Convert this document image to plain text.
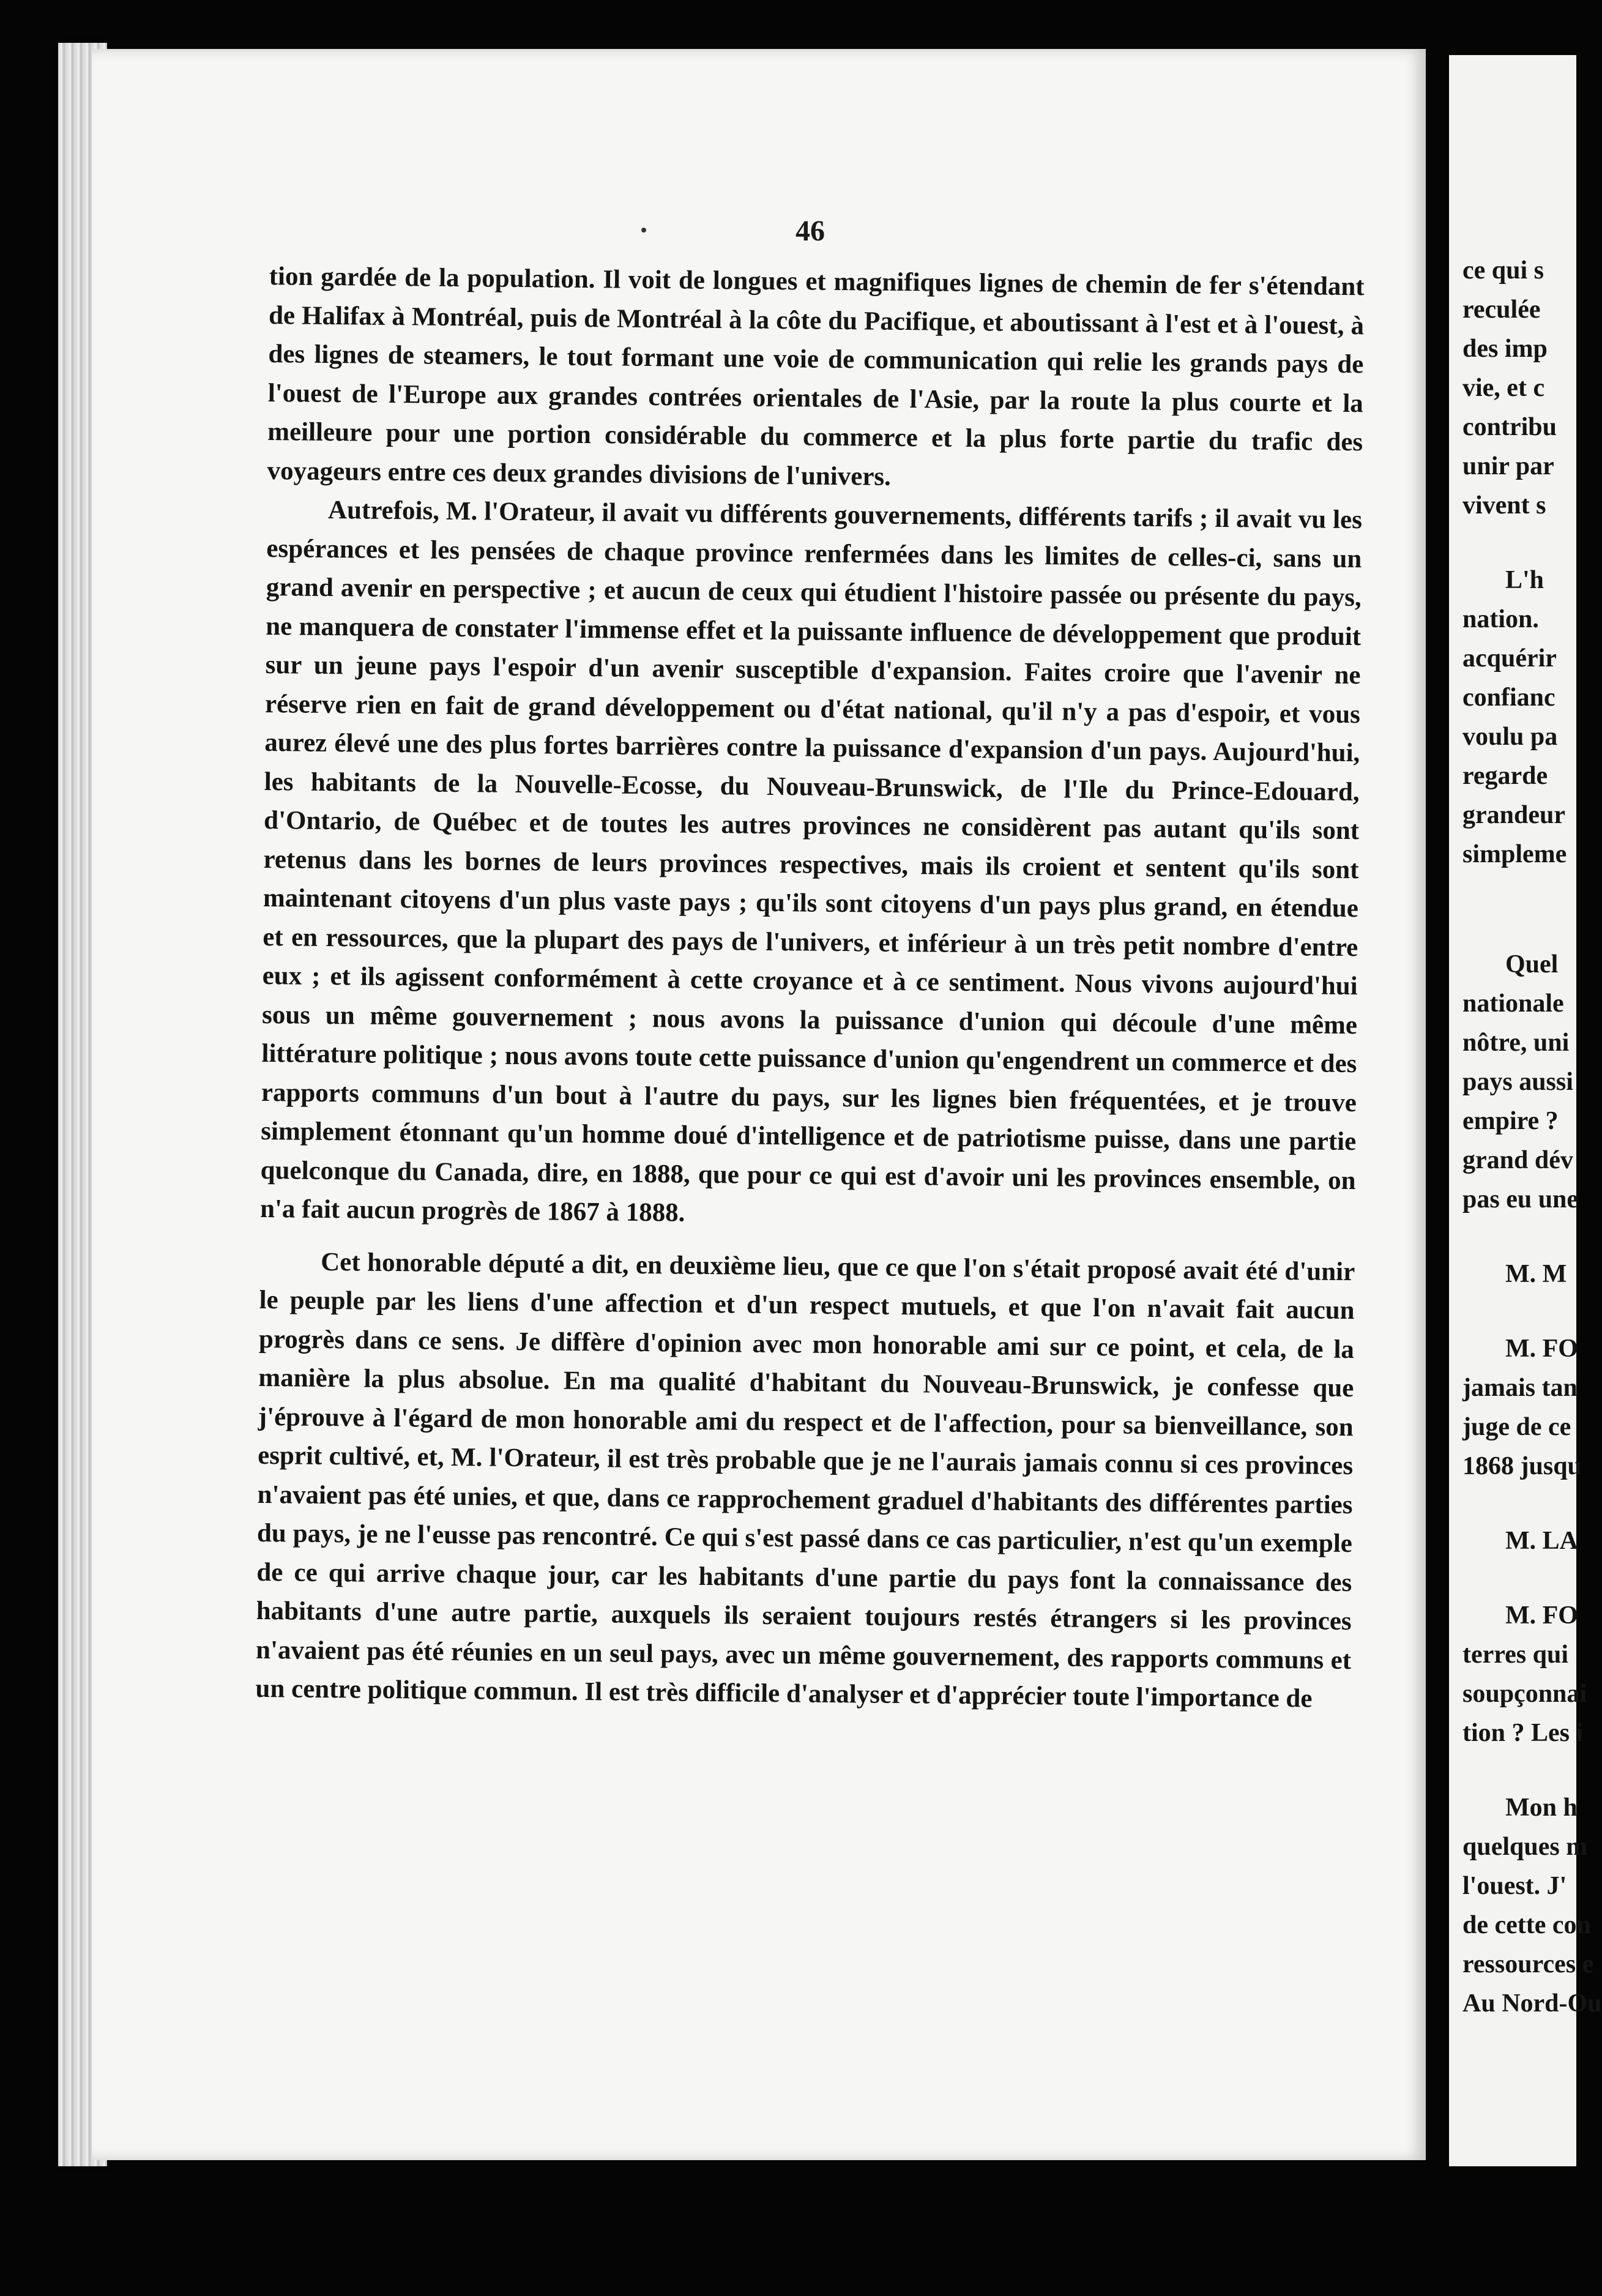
46

tion gardée de la population. Il voit de longues et magnifiques lignes de chemin de fer s'étendant de Halifax à Montréal, puis de Montréal à la côte du Pacifique, et aboutissant à l'est et à l'ouest, à des lignes de steamers, le tout formant une voie de communication qui relie les grands pays de l'ouest de l'Europe aux grandes contrées orientales de l'Asie, par la route la plus courte et la meilleure pour une portion considérable du commerce et la plus forte partie du trafic des voyageurs entre ces deux grandes divisions de l'univers.

Autrefois, M. l'Orateur, il avait vu différents gouvernements, différents tarifs ; il avait vu les espérances et les pensées de chaque province renfermées dans les limites de celles-ci, sans un grand avenir en perspective ; et aucun de ceux qui étudient l'histoire passée ou présente du pays, ne manquera de constater l'immense effet et la puissante influence de développement que produit sur un jeune pays l'espoir d'un avenir susceptible d'expansion. Faites croire que l'avenir ne réserve rien en fait de grand développement ou d'état national, qu'il n'y a pas d'espoir, et vous aurez élevé une des plus fortes barrières contre la puissance d'expansion d'un pays. Aujourd'hui, les habitants de la Nouvelle-Ecosse, du Nouveau-Brunswick, de l'Ile du Prince-Edouard, d'Ontario, de Québec et de toutes les autres provinces ne considèrent pas autant qu'ils sont retenus dans les bornes de leurs provinces respectives, mais ils croient et sentent qu'ils sont maintenant citoyens d'un plus vaste pays ; qu'ils sont citoyens d'un pays plus grand, en étendue et en ressources, que la plupart des pays de l'univers, et inférieur à un très petit nombre d'entre eux ; et ils agissent conformément à cette croyance et à ce sentiment. Nous vivons aujourd'hui sous un même gouvernement ; nous avons la puissance d'union qui découle d'une même littérature politique ; nous avons toute cette puissance d'union qu'engendrent un commerce et des rapports communs d'un bout à l'autre du pays, sur les lignes bien fréquentées, et je trouve simplement étonnant qu'un homme doué d'intelligence et de patriotisme puisse, dans une partie quelconque du Canada, dire, en 1888, que pour ce qui est d'avoir uni les provinces ensemble, on n'a fait aucun progrès de 1867 à 1888.

Cet honorable député a dit, en deuxième lieu, que ce que l'on s'était proposé avait été d'unir le peuple par les liens d'une affection et d'un respect mutuels, et que l'on n'avait fait aucun progrès dans ce sens. Je diffère d'opinion avec mon honorable ami sur ce point, et cela, de la manière la plus absolue. En ma qualité d'habitant du Nouveau-Brunswick, je confesse que j'éprouve à l'égard de mon honorable ami du respect et de l'affection, pour sa bienveillance, son esprit cultivé, et, M. l'Orateur, il est très probable que je ne l'aurais jamais connu si ces provinces n'avaient pas été unies, et que, dans ce rapprochement graduel d'habitants des différentes parties du pays, je ne l'eusse pas rencontré. Ce qui s'est passé dans ce cas particulier, n'est qu'un exemple de ce qui arrive chaque jour, car les habitants d'une partie du pays font la connaissance des habitants d'une autre partie, auxquels ils seraient toujours restés étrangers si les provinces n'avaient pas été réunies en un seul pays, avec un même gouvernement, des rapports communs et un centre politique commun. Il est très difficile d'analyser et d'apprécier toute l'importance de

ce qui s
reculée
des imp
vie, et c
contribu
unir par
vivent s
L'h
nation.
acquérir
confianc
voulu pa
regarde
grandeur
simpleme
Quel
nationale
nôtre, uni
pays aussi
empire ?
grand dév
pas eu une
M. M
M. FO
jamais tan
juge de ce
1868 jusqu
M. LA
M. FO
terres qui
soupçonnai
tion ? Les i
Mon h
quelques m
l'ouest. J'
de cette con
ressources e
Au Nord-Ou
